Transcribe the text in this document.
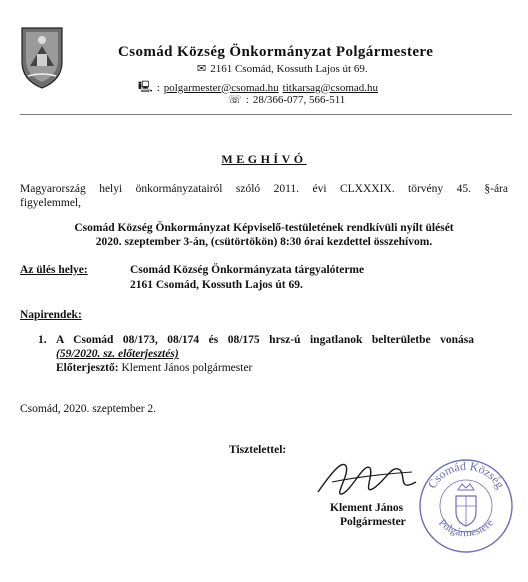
Csomád Község Önkormányzat Polgármestere
✉ 2161 Csomád, Kossuth Lajos út 69.
🖳 : polgarmester@csomad.hu titkarsag@csomad.hu
☏ : 28/366-077, 566-511
MEGHÍVÓ
Magyarország helyi önkormányzatairól szóló 2011. évi CLXXXIX. törvény 45. §-ára
figyelemmel,
Csomád Község Önkormányzat Képviselő-testületének rendkívüli nyílt ülését
2020. szeptember 3-án, (csütörtökön) 8:30 órai kezdettel összehívom.
Az ülés helye:	Csomád Község Önkormányzata tárgyalóterme
2161 Csomád, Kossuth Lajos út 69.
Napirendek:
1. A Csomád 08/173, 08/174 és 08/175 hrsz-ú ingatlanok belterületbe vonása
(59/2020. sz. előterjesztés)
Előterjesztő: Klement János polgármester
Csomád, 2020. szeptember 2.
Tisztelettel:
Klement János
Polgármester
Csomád Község
Polgármestere
